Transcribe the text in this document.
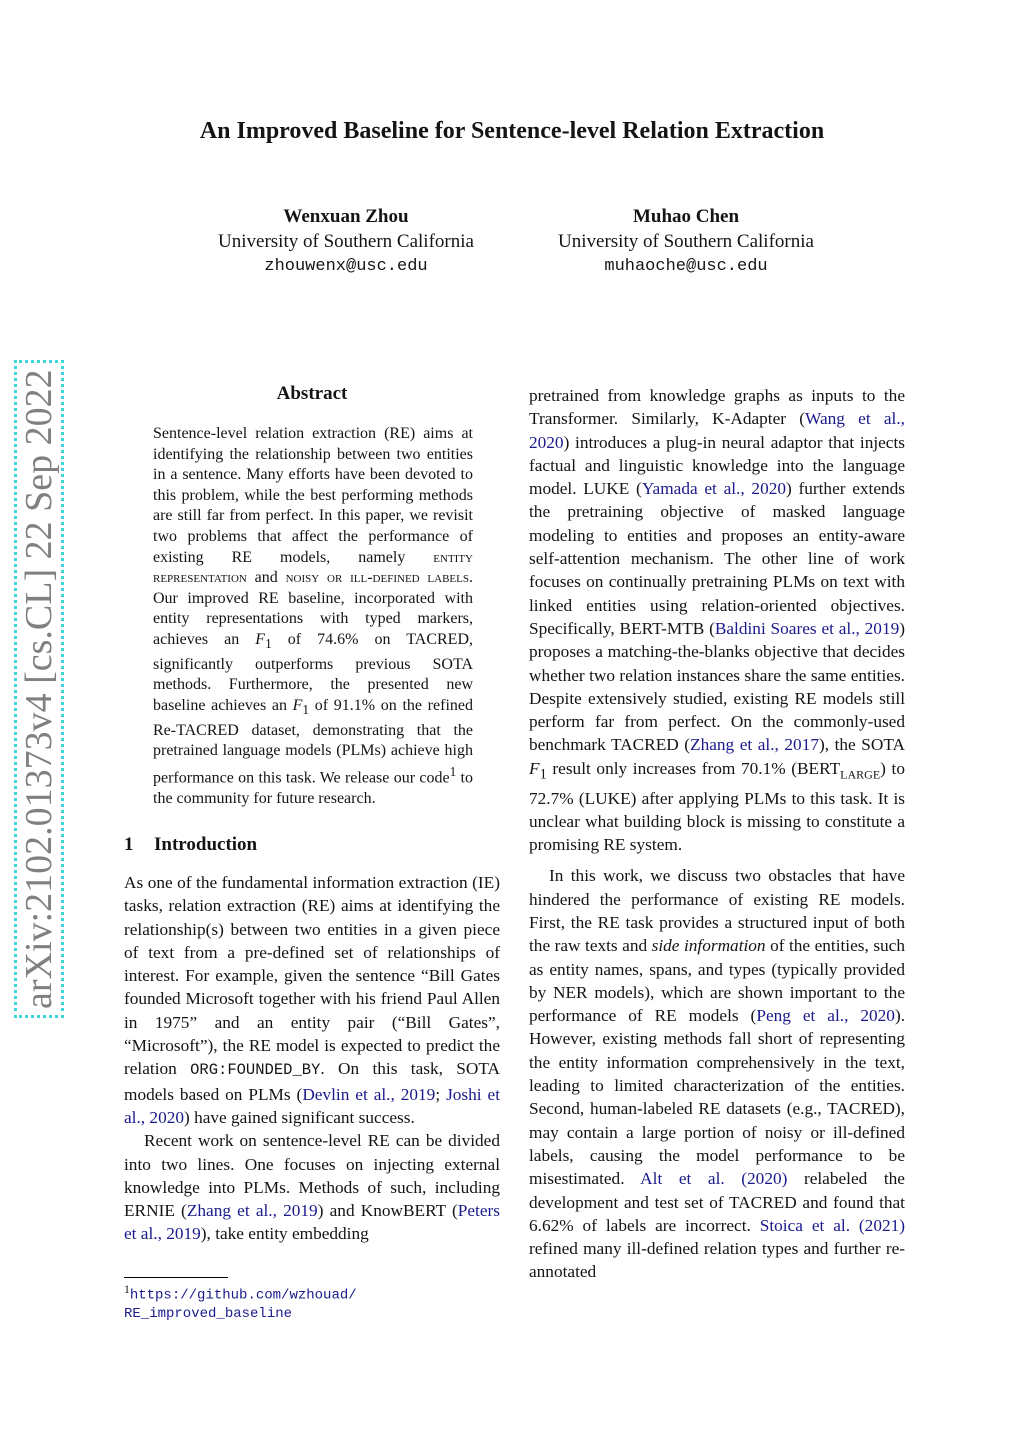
An Improved Baseline for Sentence-level Relation Extraction
Wenxuan Zhou
University of Southern California
zhouwenx@usc.edu
Muhao Chen
University of Southern California
muhaoche@usc.edu
arXiv:2102.01373v4 [cs.CL] 22 Sep 2022	Abstract
Sentence-level relation extraction (RE) aims at identifying the relationship between two entities in a sentence. Many efforts have been devoted to this problem, while the best performing methods are still far from perfect. In this paper, we revisit two problems that affect the performance of existing RE models, namely entity representation and noisy or ill-defined labels. Our improved RE baseline, incorporated with entity representations with typed markers, achieves an $F_1$ of 74.6% on TACRED, significantly outperforms previous SOTA methods. Furthermore, the presented new baseline achieves an $F_1$ of 91.1% on the refined Re-TACRED dataset, demonstrating that the pretrained language models (PLMs) achieve high performance on this task. We release our code$^1$ to the community for future research.
1 Introduction

As one of the fundamental information extraction (IE) tasks, relation extraction (RE) aims at identifying the relationship(s) between two entities in a given piece of text from a pre-defined set of relationships of interest. For example, given the sentence “Bill Gates founded Microsoft together with his friend Paul Allen in 1975” and an entity pair (“Bill Gates”, “Microsoft”), the RE model is expected to predict the relation ORG:FOUNDED_BY. On this task, SOTA models based on PLMs (Devlin et al., 2019; Joshi et al., 2020) have gained significant success.

Recent work on sentence-level RE can be divided into two lines. One focuses on injecting external knowledge into PLMs. Methods of such, including ERNIE (Zhang et al., 2019) and KnowBERT (Peters et al., 2019), take entity embedding

$^1$https://github.com/wzhouad/
RE_improved_baseline

pretrained from knowledge graphs as inputs to the Transformer. Similarly, K-Adapter (Wang et al., 2020) introduces a plug-in neural adaptor that injects factual and linguistic knowledge into the language model. LUKE (Yamada et al., 2020) further extends the pretraining objective of masked language modeling to entities and proposes an entity-aware self-attention mechanism. The other line of work focuses on continually pretraining PLMs on text with linked entities using relation-oriented objectives. Specifically, BERT-MTB (Baldini Soares et al., 2019) proposes a matching-the-blanks objective that decides whether two relation instances share the same entities. Despite extensively studied, existing RE models still perform far from perfect. On the commonly-used benchmark TACRED (Zhang et al., 2017), the SOTA $F_1$ result only increases from 70.1% $(BERT_{LARGE})$ to 72.7% (LUKE) after applying PLMs to this task. It is unclear what building block is missing to constitute a promising RE system.

In this work, we discuss two obstacles that have hindered the performance of existing RE models. First, the RE task provides a structured input of both the raw texts and side information of the entities, such as entity names, spans, and types (typically provided by NER models), which are shown important to the performance of RE models (Peng et al., 2020). However, existing methods fall short of representing the entity information comprehensively in the text, leading to limited characterization of the entities. Second, human-labeled RE datasets (e.g., TACRED), may contain a large portion of noisy or ill-defined labels, causing the model performance to be misestimated. Alt et al. (2020) relabeled the development and test set of TACRED and found that 6.62% of labels are incorrect. Stoica et al. (2021) refined many ill-defined relation types and further re-annotated
